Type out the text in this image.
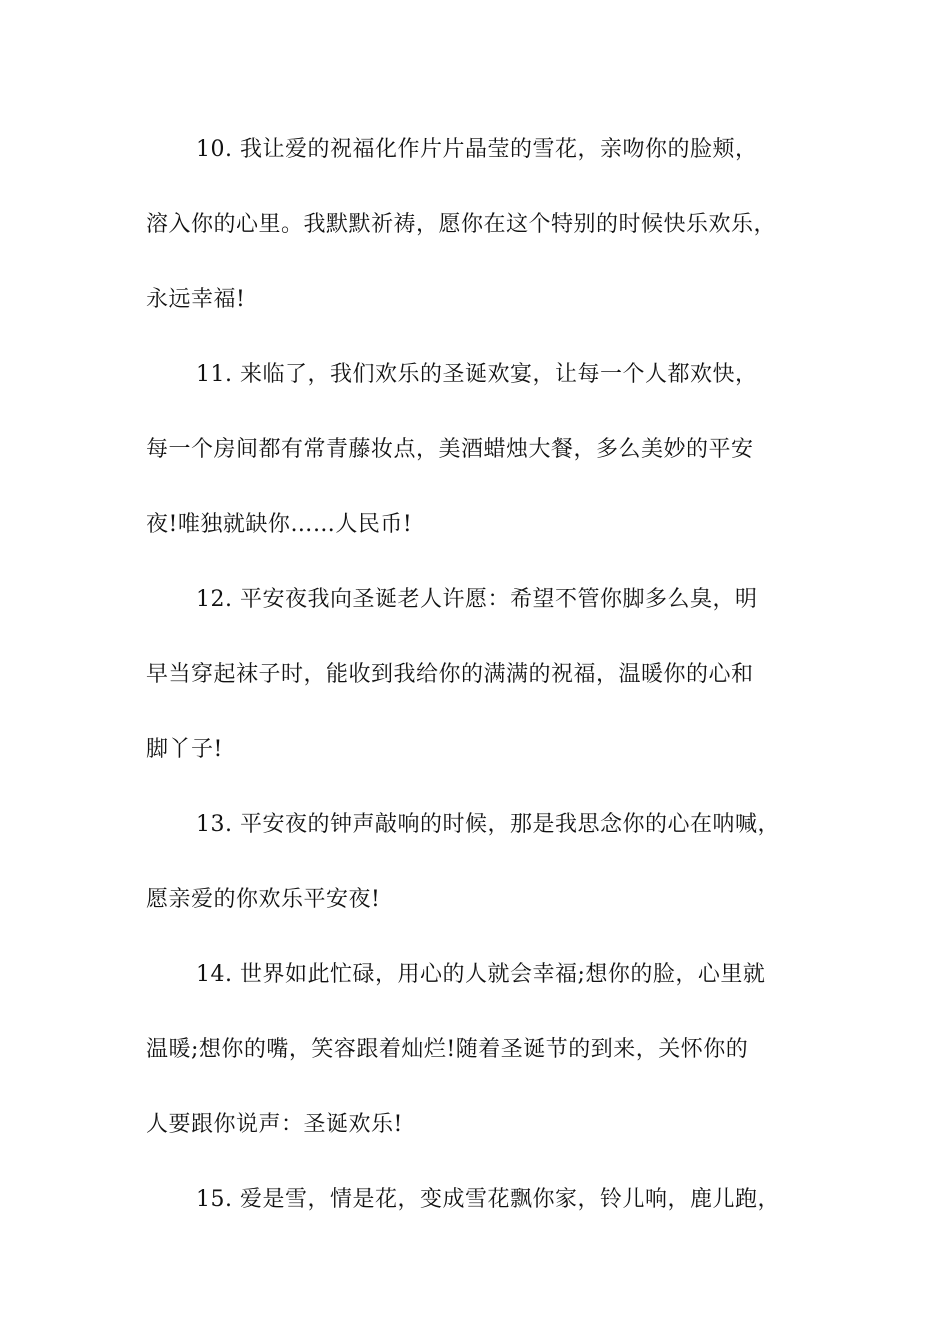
10. 我让爱的祝福化作片片晶莹的雪花，亲吻你的脸颊，
溶入你的心里。我默默祈祷，愿你在这个特别的时候快乐欢乐，
永远幸福!
11. 来临了，我们欢乐的圣诞欢宴，让每一个人都欢快，
每一个房间都有常青藤妆点，美酒蜡烛大餐，多么美妙的平安
夜!唯独就缺你……人民币!
12. 平安夜我向圣诞老人许愿：希望不管你脚多么臭，明
早当穿起袜子时，能收到我给你的满满的祝福，温暖你的心和
脚丫子!
13. 平安夜的钟声敲响的时候，那是我思念你的心在呐喊，
愿亲爱的你欢乐平安夜!
14. 世界如此忙碌，用心的人就会幸福;想你的脸，心里就
温暖;想你的嘴，笑容跟着灿烂!随着圣诞节的到来，关怀你的
人要跟你说声：圣诞欢乐!
15. 爱是雪，情是花，变成雪花飘你家，铃儿响，鹿儿跑，
